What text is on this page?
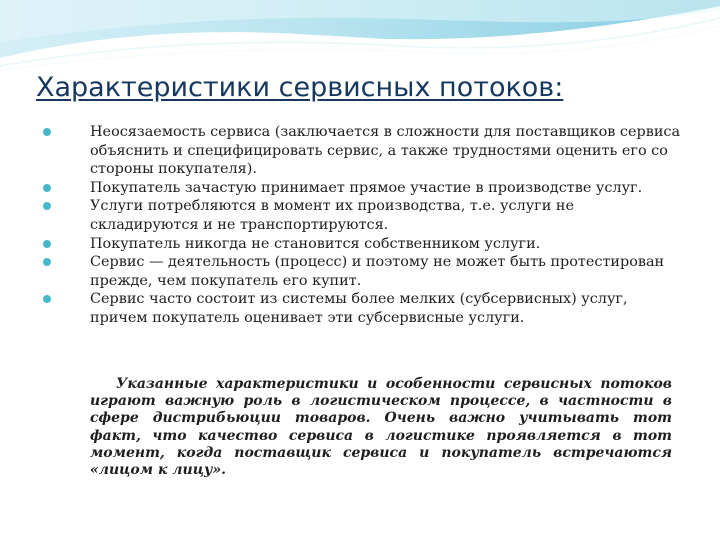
Характеристики сервисных потоков:
Неосязаемость сервиса (заключается в сложности для поставщиков сервиса объяснить и специфицировать сервис, а также трудностями оценить его со стороны покупателя).
Покупатель зачастую принимает прямое участие в производстве услуг.
Услуги потребляются в момент их производства, т.е. услуги не складируются и не транспортируются.
Покупатель никогда не становится собственником услуги.
Сервис — деятельность (процесс) и поэтому не может быть протестирован прежде, чем покупатель его купит.
Сервис часто состоит из системы более мелких (субсервисных) услуг, причем покупатель оценивает эти субсервисные услуги.

Указанные характеристики и особенности сервисных потоков играют важную роль в логистическом процессе, в частности в сфере дистрибьюции товаров. Очень важно учитывать тот факт, что качество сервиса в логистике проявляется в тот момент, когда поставщик сервиса и покупатель встречаются «лицом к лицу».
